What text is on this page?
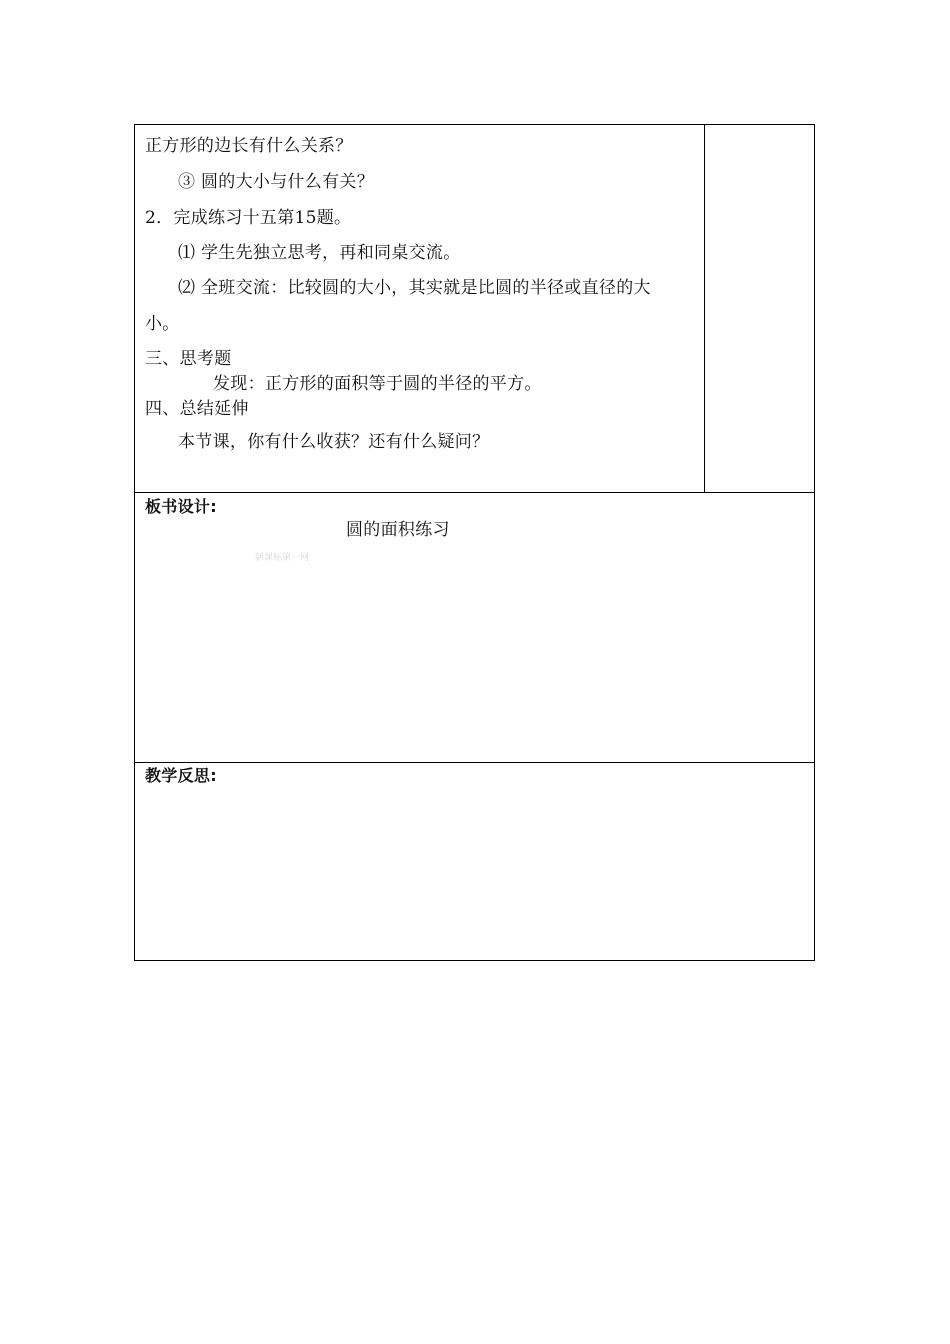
正方形的边长有什么关系？
③ 圆的大小与什么有关？
2．完成练习十五第15题。
⑴ 学生先独立思考，再和同桌交流。
⑵ 全班交流：比较圆的大小，其实就是比圆的半径或直径的大
小。
三、思考题
发现：正方形的面积等于圆的半径的平方。
四、总结延伸
本节课，你有什么收获？还有什么疑问？
板书设计:
圆的面积练习
新课标第一网
教学反思:
